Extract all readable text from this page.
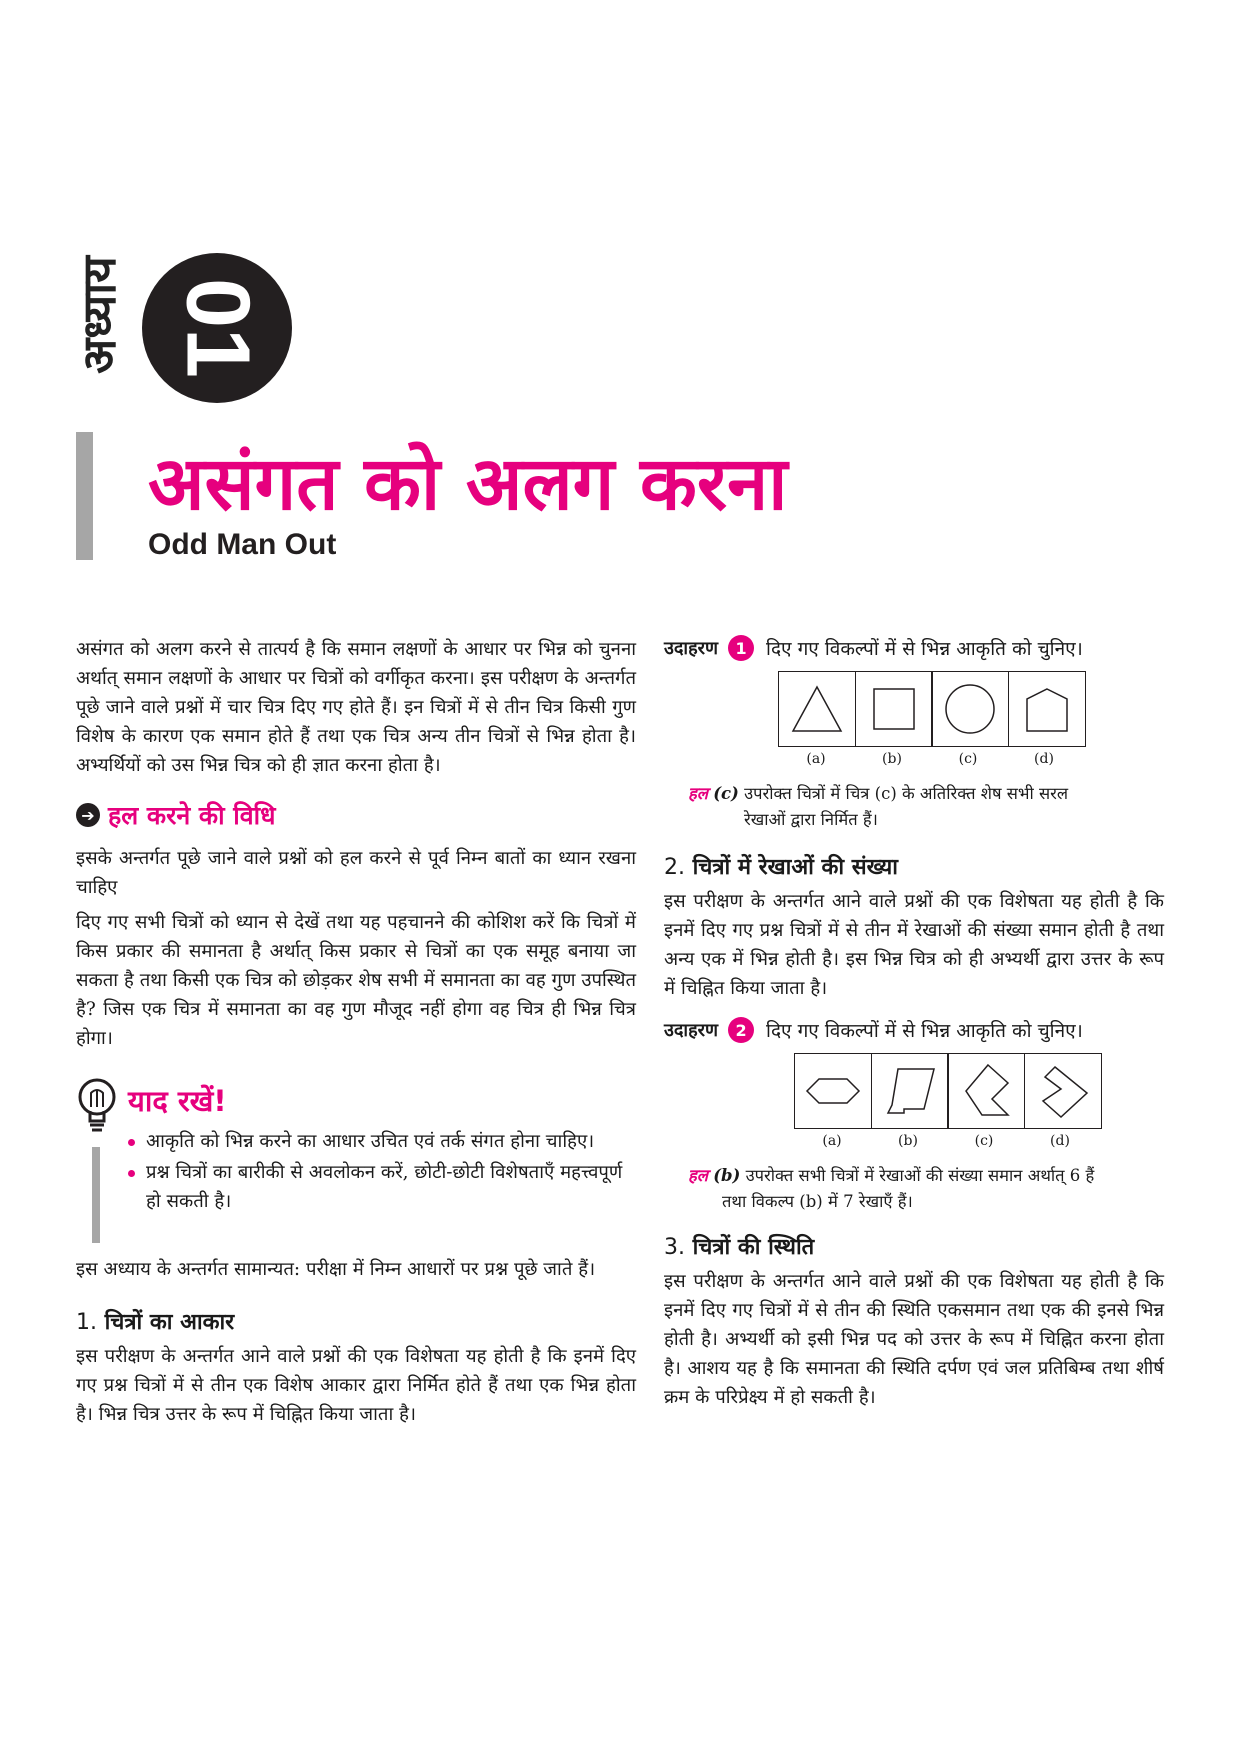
अध्याय 01
असंगत को अलग करना
Odd Man Out

असंगत को अलग करने से तात्पर्य है कि समान लक्षणों के आधार पर भिन्न को चुनना अर्थात् समान लक्षणों के आधार पर चित्रों को वर्गीकृत करना। इस परीक्षण के अन्तर्गत पूछे जाने वाले प्रश्नों में चार चित्र दिए गए होते हैं। इन चित्रों में से तीन चित्र किसी गुण विशेष के कारण एक समान होते हैं तथा एक चित्र अन्य तीन चित्रों से भिन्न होता है। अभ्यर्थियों को उस भिन्न चित्र को ही ज्ञात करना होता है।

➔ हल करने की विधि

इसके अन्तर्गत पूछे जाने वाले प्रश्नों को हल करने से पूर्व निम्न बातों का ध्यान रखना चाहिए

दिए गए सभी चित्रों को ध्यान से देखें तथा यह पहचानने की कोशिश करें कि चित्रों में किस प्रकार की समानता है अर्थात् किस प्रकार से चित्रों का एक समूह बनाया जा सकता है तथा किसी एक चित्र को छोड़कर शेष सभी में समानता का वह गुण उपस्थित है? जिस एक चित्र में समानता का वह गुण मौजूद नहीं होगा वह चित्र ही भिन्न चित्र होगा।

याद रखें!
आकृति को भिन्न करने का आधार उचित एवं तर्क संगत होना चाहिए।
प्रश्न चित्रों का बारीकी से अवलोकन करें, छोटी-छोटी विशेषताएँ महत्त्वपूर्ण हो सकती है।

इस अध्याय के अन्तर्गत सामान्यत: परीक्षा में निम्न आधारों पर प्रश्न पूछे जाते हैं।

1. चित्रों का आकार

इस परीक्षण के अन्तर्गत आने वाले प्रश्नों की एक विशेषता यह होती है कि इनमें दिए गए प्रश्न चित्रों में से तीन एक विशेष आकार द्वारा निर्मित होते हैं तथा एक भिन्न होता है। भिन्न चित्र उत्तर के रूप में चिह्नित किया जाता है।

उदाहरण	1	दिए गए विकल्पों में से भिन्न आकृति को चुनिए।
(a)	(b)	(c)	(d)
हल (c) उपरोक्त चित्रों में चित्र (c) के अतिरिक्त शेष सभी सरल
रेखाओं द्वारा निर्मित हैं।
2. चित्रों में रेखाओं की संख्या

इस परीक्षण के अन्तर्गत आने वाले प्रश्नों की एक विशेषता यह होती है कि इनमें दिए गए प्रश्न चित्रों में से तीन में रेखाओं की संख्या समान होती है तथा अन्य एक में भिन्न होती है। इस भिन्न चित्र को ही अभ्यर्थी द्वारा उत्तर के रूप में चिह्नित किया जाता है।

उदाहरण	2	दिए गए विकल्पों में से भिन्न आकृति को चुनिए।
(a)	(b)	(c)	(d)
हल (b) उपरोक्त सभी चित्रों में रेखाओं की संख्या समान अर्थात् 6 हैं
तथा विकल्प (b) में 7 रेखाएँ हैं।
3. चित्रों की स्थिति

इस परीक्षण के अन्तर्गत आने वाले प्रश्नों की एक विशेषता यह होती है कि इनमें दिए गए चित्रों में से तीन की स्थिति एकसमान तथा एक की इनसे भिन्न होती है। अभ्यर्थी को इसी भिन्न पद को उत्तर के रूप में चिह्नित करना होता है। आशय यह है कि समानता की स्थिति दर्पण एवं जल प्रतिबिम्ब तथा शीर्ष क्रम के परिप्रेक्ष्य में हो सकती है।
